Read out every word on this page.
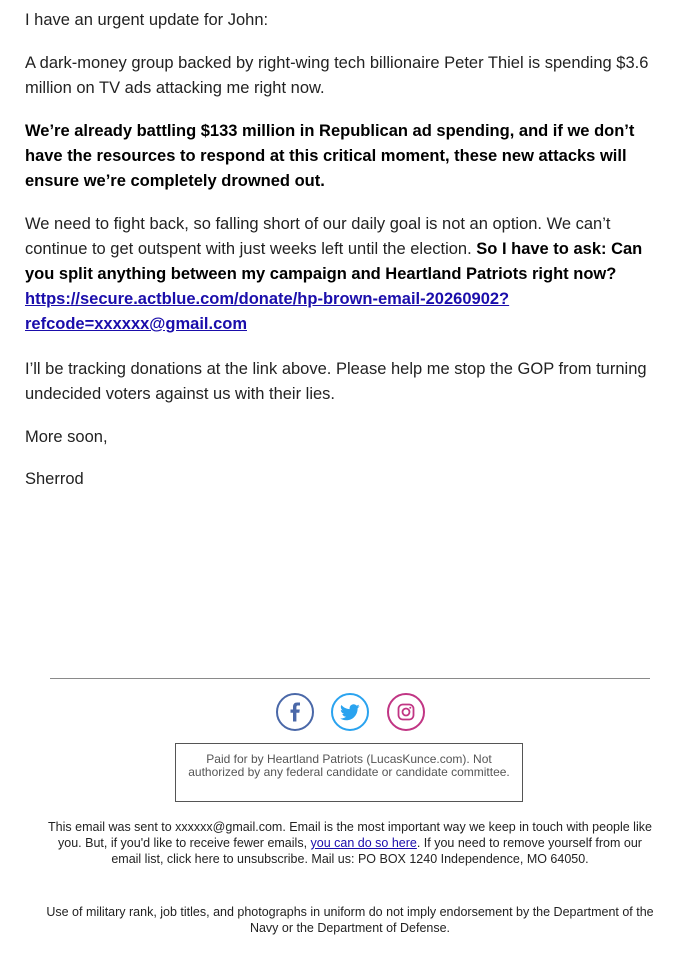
I have an urgent update for John:

A dark-money group backed by right-wing tech billionaire Peter Thiel is spending $3.6 million on TV ads attacking me right now.

We’re already battling $133 million in Republican ad spending, and if we don’t have the resources to respond at this critical moment, these new attacks will ensure we’re completely drowned out.

We need to fight back, so falling short of our daily goal is not an option. We can’t continue to get outspent with just weeks left until the election. So I have to ask: Can you split anything between my campaign and Heartland Patriots right now?
https://secure.actblue.com/donate/hp-brown-email-20260902?
refcode=xxxxxx@gmail.com

I’ll be tracking donations at the link above. Please help me stop the GOP from turning undecided voters against us with their lies.

More soon,

Sherrod

Paid for by Heartland Patriots (LucasKunce.com). Not authorized by any federal candidate or candidate committee.
This email was sent to xxxxxx@gmail.com. Email is the most important way we keep in touch with people like you. But, if you'd like to receive fewer emails, you can do so here. If you need to remove yourself from our email list, click here to unsubscribe. Mail us: PO BOX 1240 Independence, MO 64050.
Use of military rank, job titles, and photographs in uniform do not imply endorsement by the Department of the Navy or the Department of Defense.
